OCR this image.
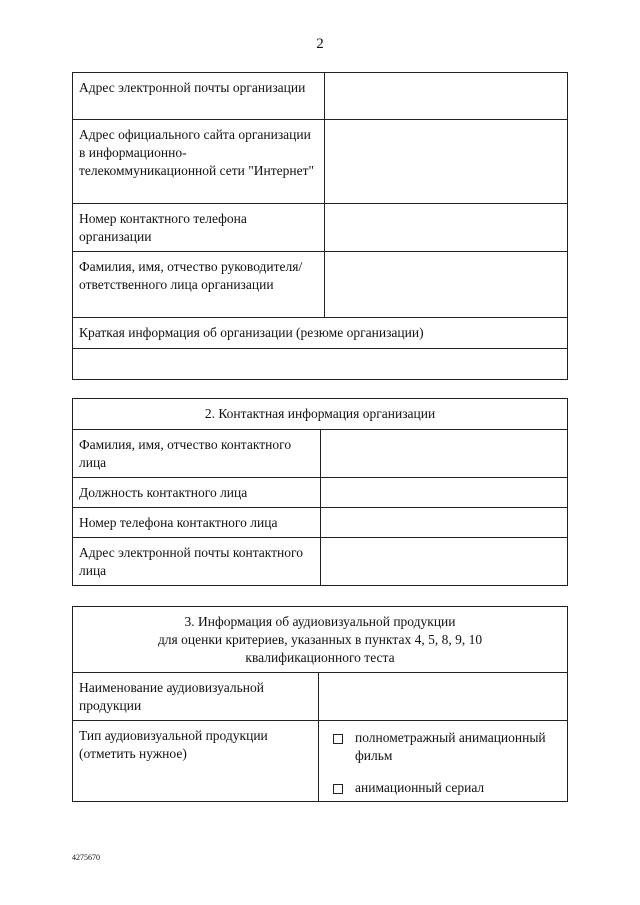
2
Адрес электронной почты организации	
Адрес официального сайта организации в информационно-телекоммуникационной сети "Интернет"	
Номер контактного телефона организации	
Фамилия, имя, отчество руководителя/ответственного лица организации	
Краткая информация об организации (резюме организации)	

2. Контактная информация организации	
Фамилия, имя, отчество контактного лица	
Должность контактного лица	
Номер телефона контактного лица	
Адрес электронной почты контактного лица	
3. Информация об аудиовизуальной продукции
для оценки критериев, указанных в пунктах 4, 5, 8, 9, 10
квалификационного теста	

Наименование аудиовизуальной продукции	
Тип аудиовизуальной продукции (отметить нужное)	полнометражный анимационный фильм
анимационный сериал
4275670
